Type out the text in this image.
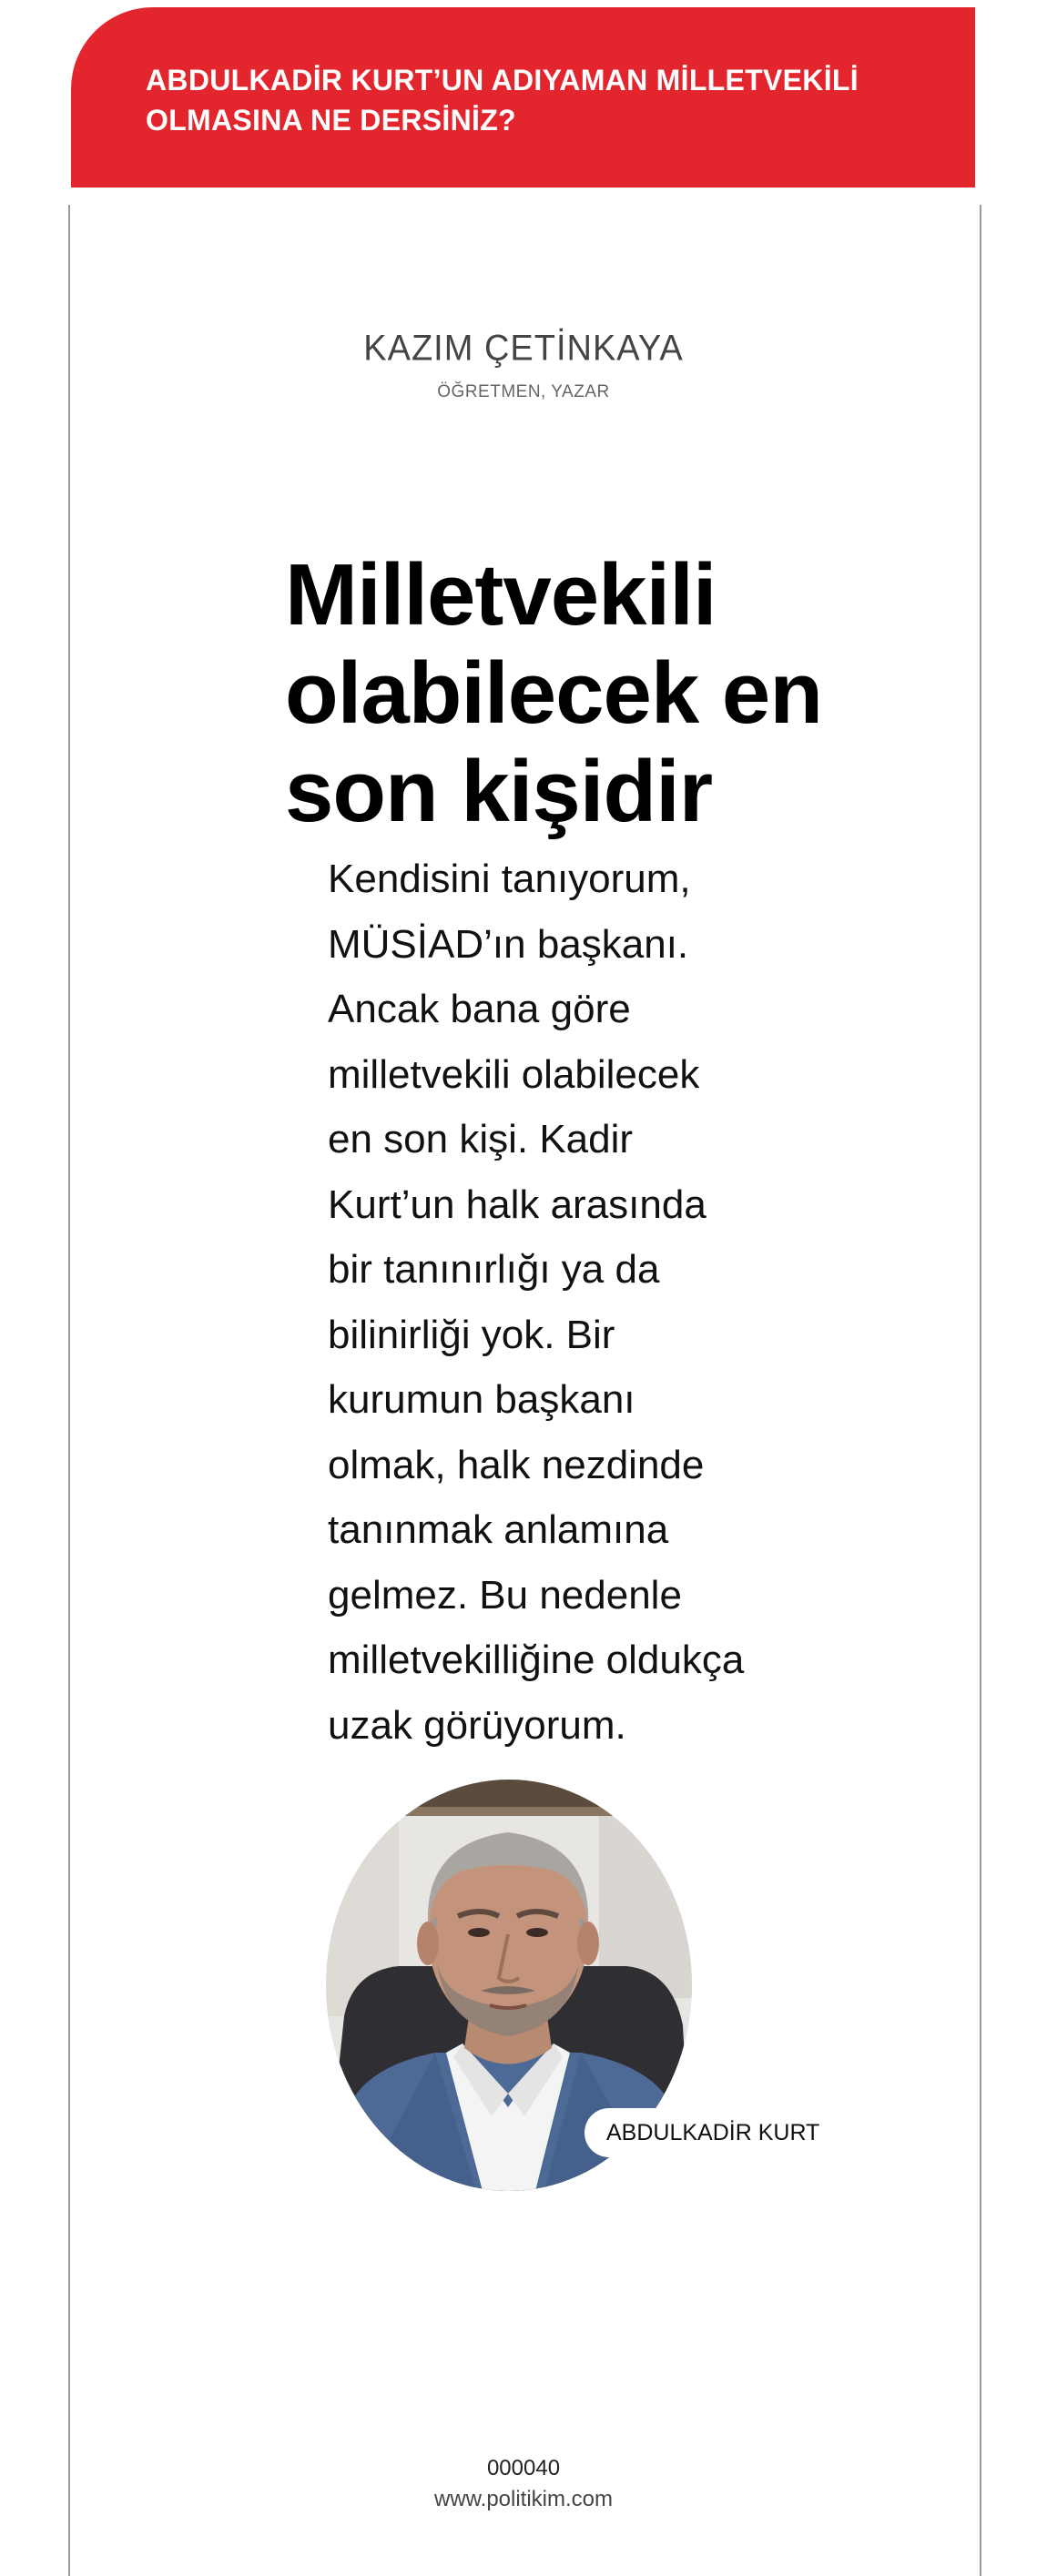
ABDULKADİR KURT’UN ADIYAMAN MİLLETVEKİLİ OLMASINA NE DERSİNİZ?
KAZIM ÇETİNKAYA
ÖĞRETMEN, YAZAR
Milletvekili olabilecek en son kişidir

Kendisini tanıyorum,
MÜSİAD’ın başkanı.
Ancak bana göre
milletvekili olabilecek
en son kişi. Kadir
Kurt’un halk arasında
bir tanınırlığı ya da
bilinirliği yok. Bir
kurumun başkanı
olmak, halk nezdinde
tanınmak anlamına
gelmez. Bu nedenle
milletvekilliğine oldukça
uzak görüyorum.

ABDULKADİR KURT
000040
www.politikim.com
